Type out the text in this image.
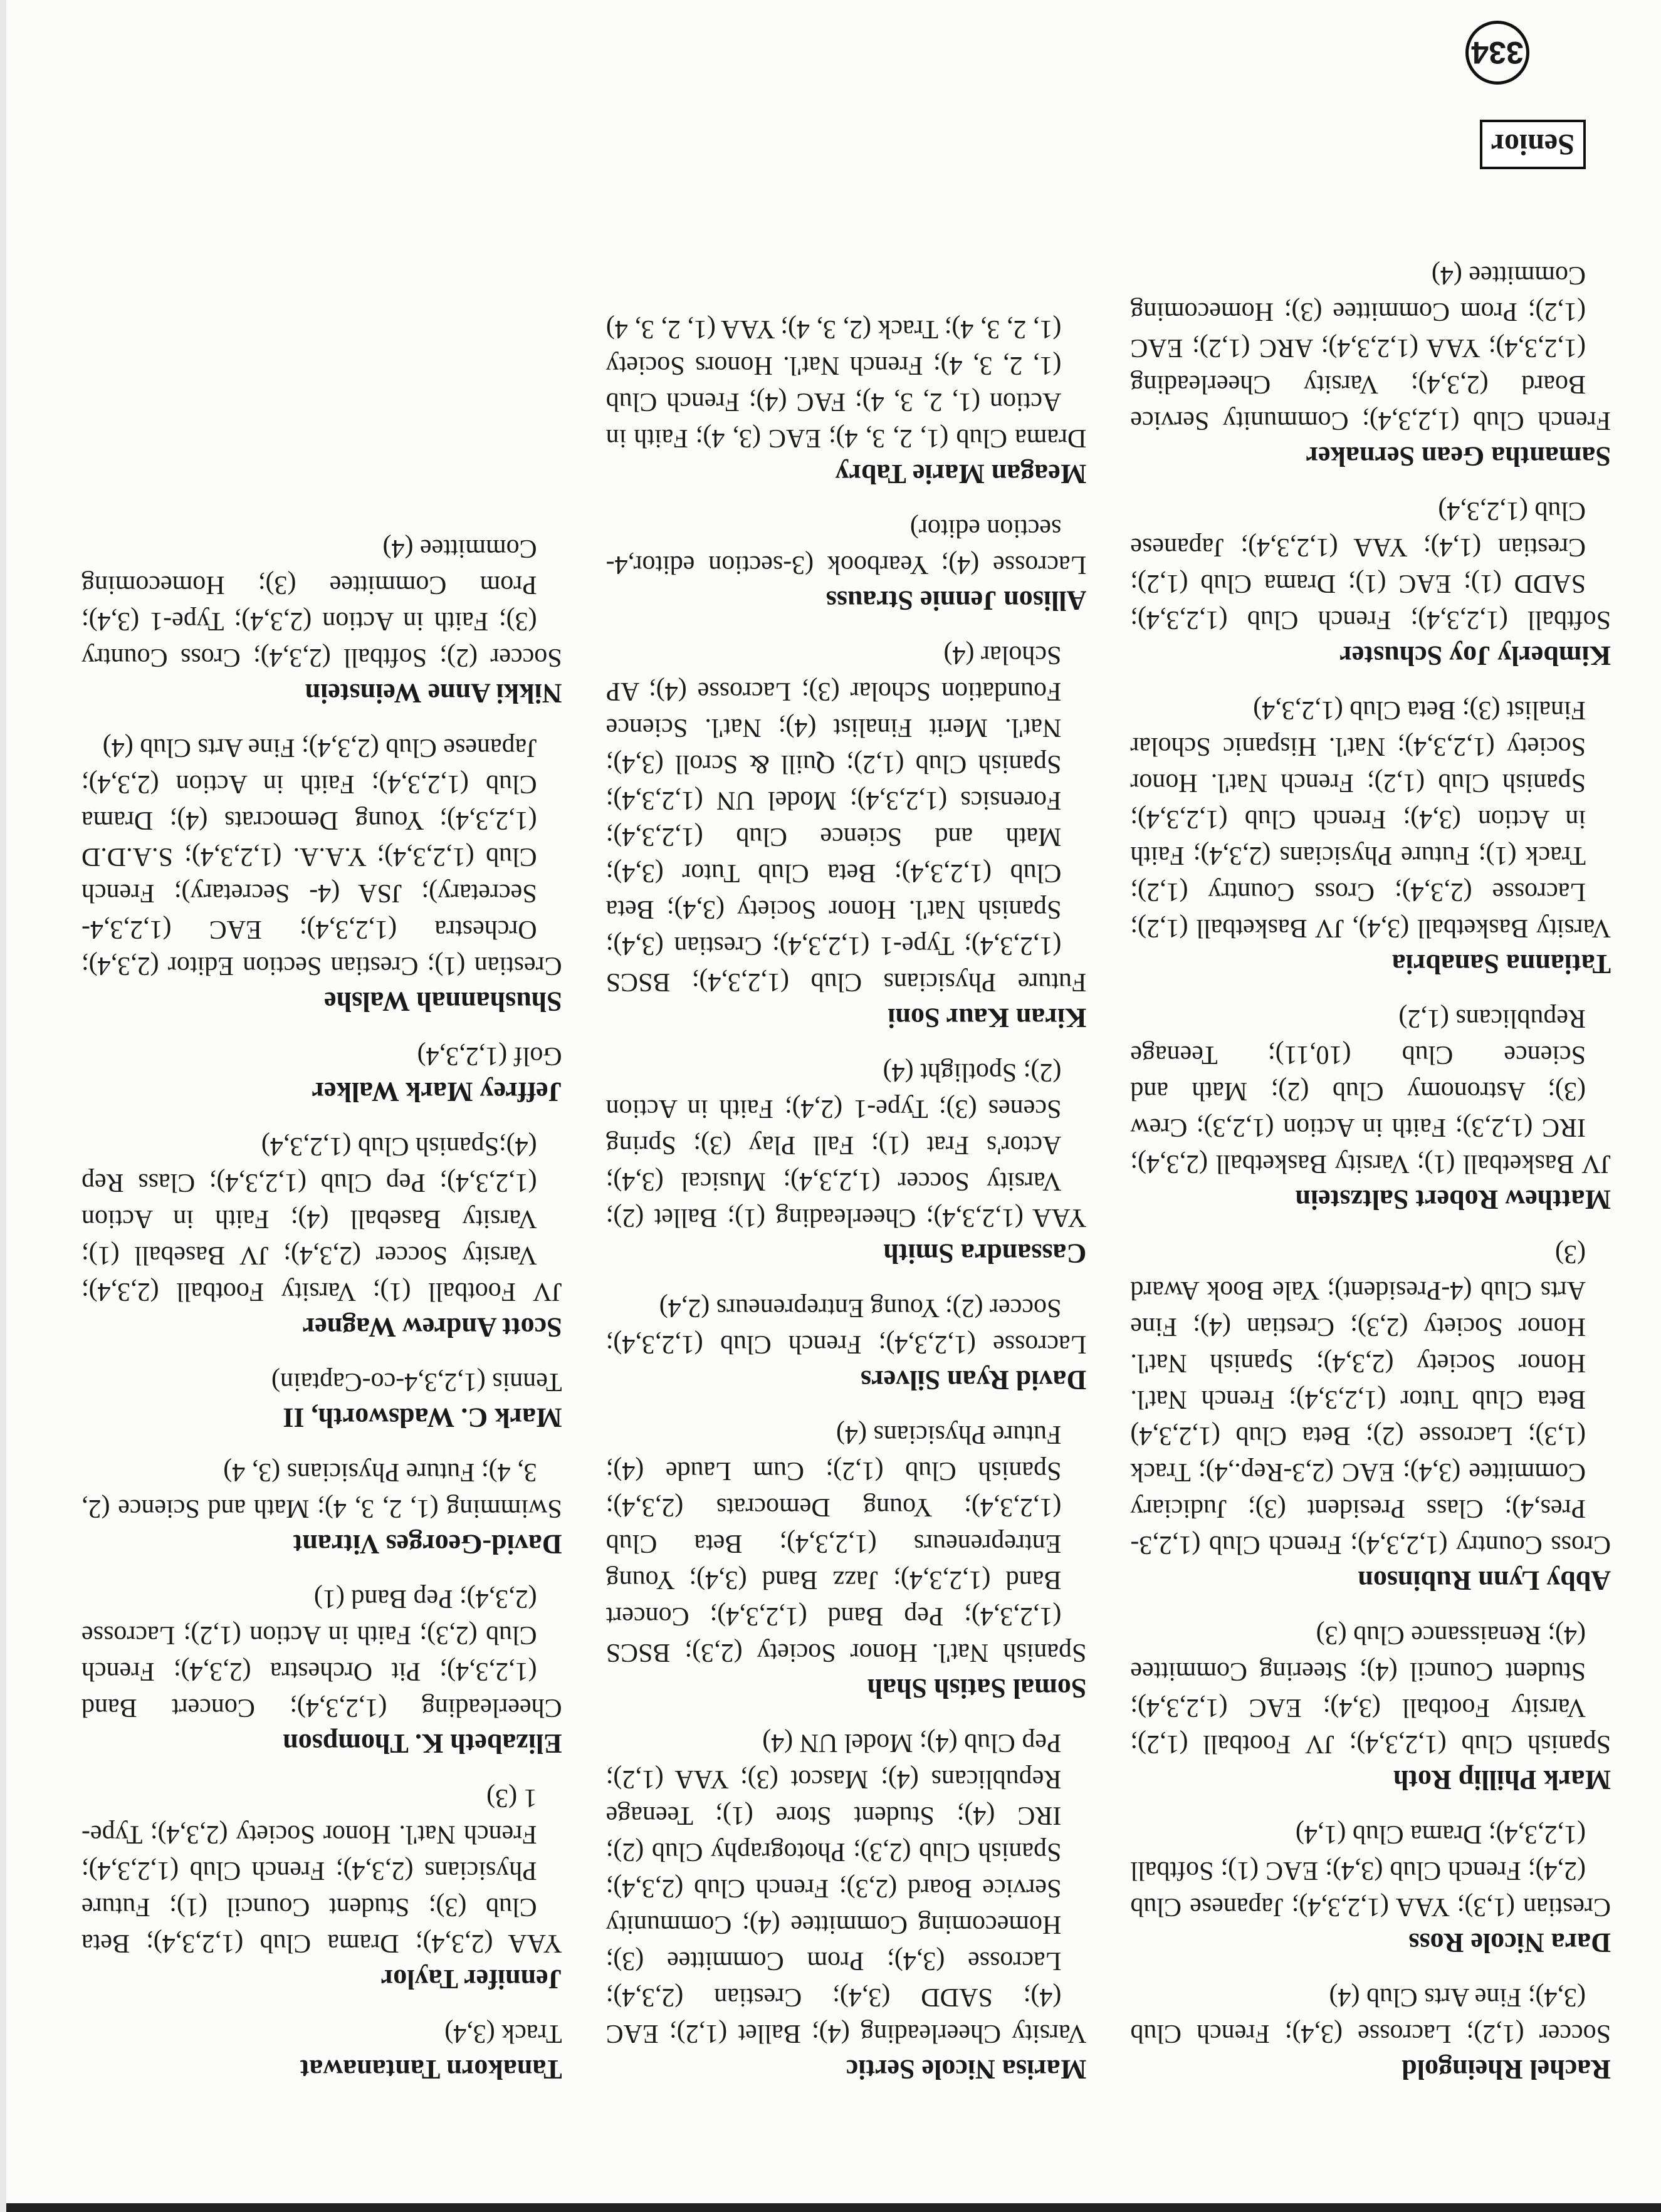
Senior
334

Rachel Rheingold

Soccer (1,2); Lacrosse (3,4); French Club (3,4); Fine Arts Club (4)

Dara Nicole Ross

Crestian (1,3); YAA (1,2,3,4); Japanese Club (2,4); French Club (3,4); EAC (1); Softball (1,2,3,4); Drama Club (1,4)

Mark Phillip Roth

Spanish Club (1,2,3,4); JV Football (1,2); Varsity Football (3,4); EAC (1,2,3,4); Student Council (4); Steering Committee (4); Renaissance Club (3)

Abby Lynn Rubinson

Cross Country (1,2,3,4); French Club (1,2,3-Pres,4); Class President (3); Judiciary Committee (3,4); EAC (2,3-Rep.,4); Track (1,3); Lacrosse (2); Beta Club (1,2,3,4) Beta Club Tutor (1,2,3,4); French Nat'l. Honor Society (2,3,4); Spanish Nat'l. Honor Society (2,3); Crestian (4); Fine Arts Club (4-President); Yale Book Award (3)

Matthew Robert Saltzstein

JV Basketball (1); Varsity Basketball (2,3,4); IRC (1,2,3); Faith in Action (1,2,3); Crew (3); Astronomy Club (2); Math and Science Club (10,11); Teenage Republicans (1,2)

Tatianna Sanabria

Varsity Basketball (3,4), JV Basketball (1,2); Lacrosse (2,3,4); Cross Country (1,2); Track (1); Future Physicians (2,3,4); Faith in Action (3,4); French Club (1,2,3,4); Spanish Club (1,2); French Nat'l. Honor Society (1,2,3,4); Nat'l. Hispanic Scholar Finalist (3); Beta Club (1,2,3,4)

Kimberly Joy Schuster

Softball (1,2,3,4); French Club (1,2,3,4); SADD (1); EAC (1); Drama Club (1,2); Crestian (1,4); YAA (1,2,3,4); Japanese Club (1,2,3,4)

Samantha Gean Sernaker

French Club (1,2,3,4); Community Service Board (2,3,4); Varsity Cheerleading (1,2,3,4); YAA (1,2,3,4); ARC (1,2); EAC (1,2); Prom Committee (3); Homecoming Committee (4)

Marisa Nicole Sertic

Varsity Cheerleading (4); Ballet (1,2); EAC (4); SADD (3,4); Crestian (2,3,4); Lacrosse (3,4); Prom Committee (3); Homecoming Committee (4); Community Service Board (2,3); French Club (2,3,4); Spanish Club (2,3); Photography Club (2); IRC (4); Student Store (1); Teenage Republicans (4); Mascot (3); YAA (1,2); Pep Club (4); Model UN (4)

Somal Satish Shah

Spanish Nat'l. Honor Society (2,3); BSCS (1,2,3,4); Pep Band (1,2,3,4); Concert Band (1,2,3,4); Jazz Band (3,4); Young Entrepreneurs (1,2,3,4); Beta Club (1,2,3,4); Young Democrats (2,3,4); Spanish Club (1,2); Cum Laude (4); Future Physicians (4)

David Ryan Silvers

Lacrosse (1,2,3,4); French Club (1,2,3,4); Soccer (2); Young Entrepreneurs (2,4)

Cassandra Smith

YAA (1,2,3,4); Cheerleading (1); Ballet (2); Varsity Soccer (1,2,3,4); Musical (3,4); Actor's Frat (1); Fall Play (3); Spring Scenes (3); Type-1 (2,4); Faith in Action (2); Spotlight (4)

Kiran Kaur Soni

Future Physicians Club (1,2,3,4); BSCS (1,2,3,4); Type-1 (1,2,3,4); Crestian (3,4); Spanish Nat'l. Honor Society (3,4); Beta Club (1,2,3,4); Beta Club Tutor (3,4); Math and Science Club (1,2,3,4); Forensics (1,2,3,4); Model UN (1,2,3,4); Spanish Club (1,2); Quill & Scroll (3,4); Nat'l. Merit Finalist (4); Nat'l. Science Foundation Scholar (3); Lacrosse (4); AP Scholar (4)

Allison Jennie Strauss

Lacrosse (4); Yearbook (3-section editor,4-section editor)

Meagan Marie Tabry

Drama Club (1, 2, 3, 4); EAC (3, 4); Faith in Action (1, 2, 3, 4); FAC (4); French Club (1, 2, 3, 4); French Nat'l. Honors Society (1, 2, 3, 4); Track (2, 3, 4); YAA (1, 2, 3, 4)

Tanakorn Tantanawat

Track (3,4)

Jennifer Taylor

YAA (2,3,4); Drama Club (1,2,3,4); Beta Club (3); Student Council (1); Future Physicians (2,3,4); French Club (1,2,3,4); French Nat'l. Honor Society (2,3,4); Type-1 (3)

Elizabeth K. Thompson

Cheerleading (1,2,3,4); Concert Band (1,2,3,4); Pit Orchestra (2,3,4); French Club (2,3); Faith in Action (1,2); Lacrosse (2,3,4); Pep Band (1)

David-Georges Vitrant

Swimming (1, 2, 3, 4); Math and Science (2, 3, 4); Future Physicians (3, 4)

Mark C. Wadsworth, II

Tennis (1,2,3,4-co-Captain)

Scott Andrew Wagner

JV Football (1); Varsity Football (2,3,4); Varsity Soccer (2,3,4); JV Baseball (1); Varsity Baseball (4); Faith in Action (1,2,3,4); Pep Club (1,2,3,4); Class Rep (4);Spanish Club (1,2,3,4)

Jeffrey Mark Walker

Golf (1,2,3,4)

Shushannah Walshe

Crestian (1); Crestian Section Editor (2,3,4); Orchestra (1,2,3,4); EAC (1,2,3,4- Secretary); JSA (4- Secretary); French Club (1,2,3,4); Y.A.A. (1,2,3,4); S.A.D.D (1,2,3,4); Young Democrats (4); Drama Club (1,2,3,4); Faith in Action (2,3,4); Japanese Club (2,3,4); Fine Arts Club (4)

Nikki Anne Weinstein

Soccer (2); Softball (2,3,4); Cross Country (3); Faith in Action (2,3,4); Type-1 (3,4); Prom Committee (3); Homecoming Committee (4)
